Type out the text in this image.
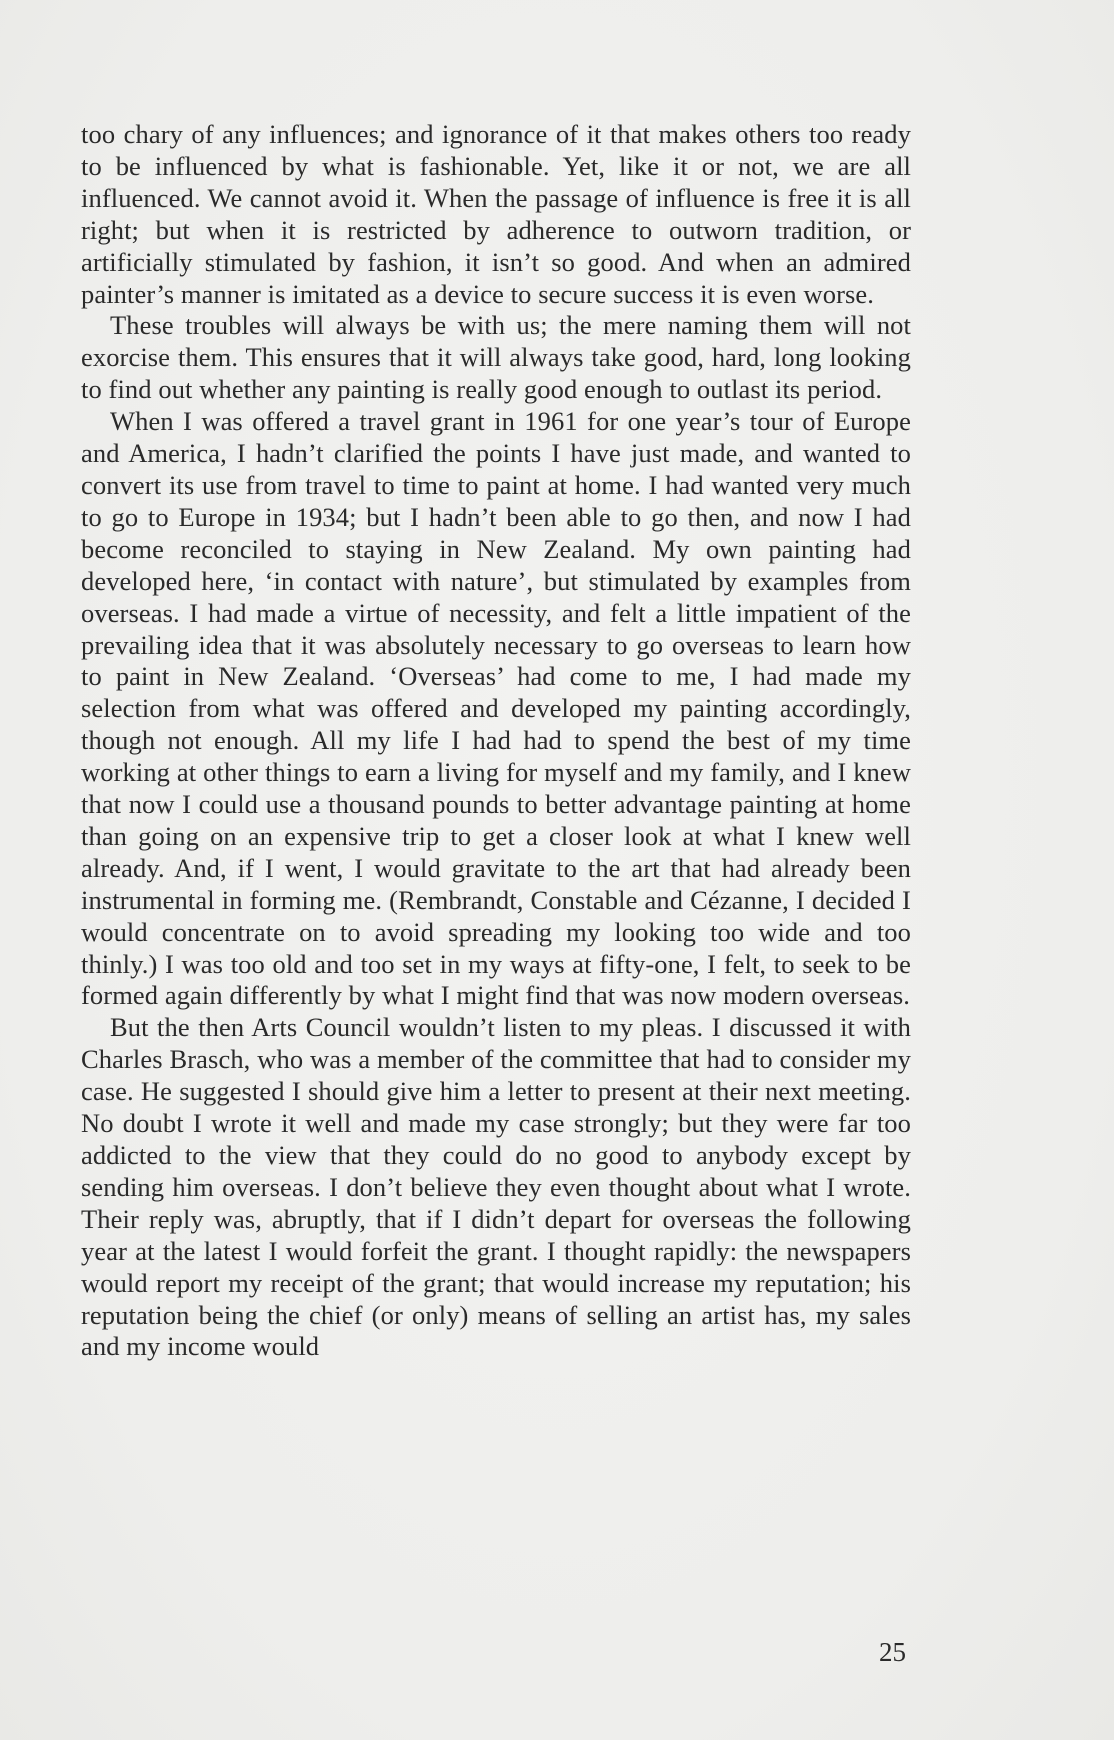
too chary of any influences; and ignorance of it that makes others too ready to be influenced by what is fashionable. Yet, like it or not, we are all influenced. We cannot avoid it. When the passage of influence is free it is all right; but when it is restricted by adherence to outworn tradition, or artificially stimulated by fashion, it isn’t so good. And when an admired painter’s manner is imitated as a device to secure success it is even worse.

These troubles will always be with us; the mere naming them will not exorcise them. This ensures that it will always take good, hard, long looking to find out whether any painting is really good enough to outlast its period.

When I was offered a travel grant in 1961 for one year’s tour of Europe and America, I hadn’t clarified the points I have just made, and wanted to convert its use from travel to time to paint at home. I had wanted very much to go to Europe in 1934; but I hadn’t been able to go then, and now I had become reconciled to staying in New Zealand. My own painting had developed here, ‘in contact with nature’, but stimulated by examples from overseas. I had made a virtue of necessity, and felt a little impatient of the prevailing idea that it was absolutely necessary to go overseas to learn how to paint in New Zealand. ‘Overseas’ had come to me, I had made my selection from what was offered and developed my painting accordingly, though not enough. All my life I had had to spend the best of my time working at other things to earn a living for myself and my family, and I knew that now I could use a thousand pounds to better advantage painting at home than going on an expensive trip to get a closer look at what I knew well already. And, if I went, I would gravitate to the art that had already been instrumental in forming me. (Rembrandt, Constable and Cézanne, I decided I would concentrate on to avoid spreading my looking too wide and too thinly.) I was too old and too set in my ways at fifty-one, I felt, to seek to be formed again differently by what I might find that was now modern overseas.

But the then Arts Council wouldn’t listen to my pleas. I discussed it with Charles Brasch, who was a member of the committee that had to consider my case. He suggested I should give him a letter to present at their next meeting. No doubt I wrote it well and made my case strongly; but they were far too addicted to the view that they could do no good to anybody except by sending him overseas. I don’t believe they even thought about what I wrote. Their reply was, abruptly, that if I didn’t depart for overseas the following year at the latest I would forfeit the grant. I thought rapidly: the newspapers would report my receipt of the grant; that would increase my reputation; his reputation being the chief (or only) means of selling an artist has, my sales and my income would

25
